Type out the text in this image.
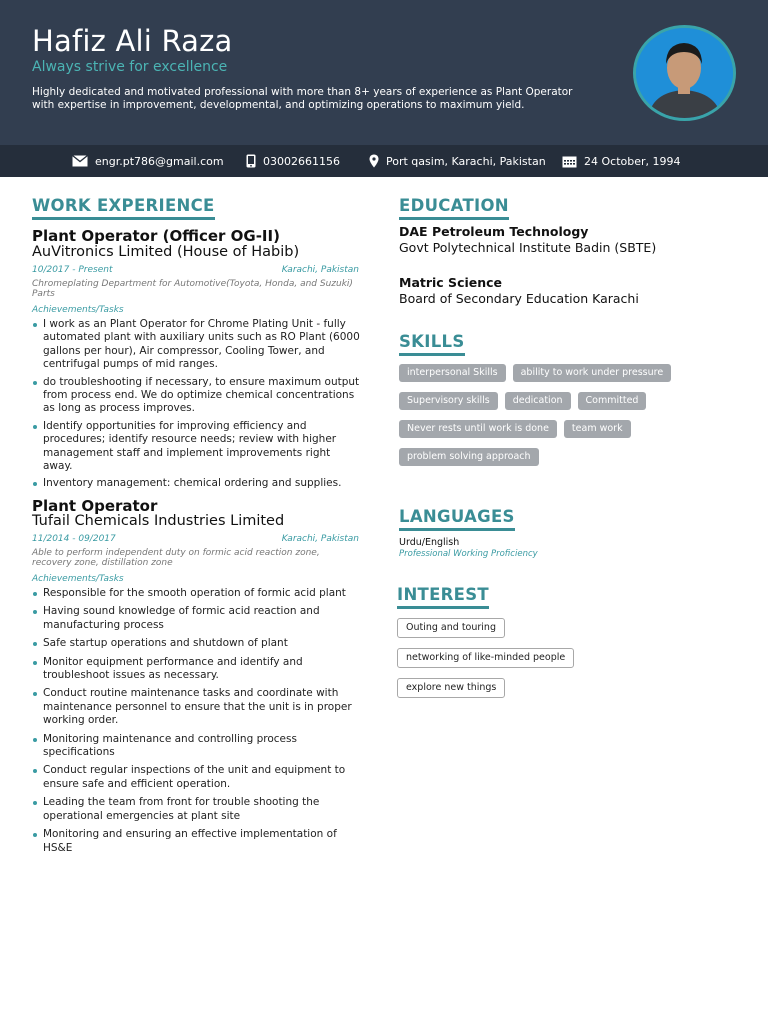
Hafiz Ali Raza
Always strive for excellence
Highly dedicated and motivated professional with more than 8+ years of experience as Plant Operator with expertise in improvement, developmental, and optimizing operations to maximum yield.
engr.pt786@gmail.com	03002661156	Port qasim, Karachi, Pakistan	24 October, 1994
WORK EXPERIENCE
Plant Operator (Officer OG-II)
AuVitronics Limited (House of Habib)
10/2017 - Present	Karachi, Pakistan
Chromeplating Department for Automotive(Toyota, Honda, and Suzuki) Parts
Achievements/Tasks
I work as an Plant Operator for Chrome Plating Unit - fully automated plant with auxiliary units such as RO Plant (6000 gallons per hour), Air compressor, Cooling Tower, and centrifugal pumps of mid ranges.
do troubleshooting if necessary, to ensure maximum output from process end. We do optimize chemical concentrations as long as process improves.
Identify opportunities for improving efficiency and procedures; identify resource needs; review with higher management staff and implement improvements right away.
Inventory management: chemical ordering and supplies.
Plant Operator
Tufail Chemicals Industries Limited
11/2014 - 09/2017	Karachi, Pakistan
Able to perform independent duty on formic acid reaction zone, recovery zone, distillation zone
Achievements/Tasks
Responsible for the smooth operation of formic acid plant
Having sound knowledge of formic acid reaction and manufacturing process
Safe startup operations and shutdown of plant
Monitor equipment performance and identify and troubleshoot issues as necessary.
Conduct routine maintenance tasks and coordinate with maintenance personnel to ensure that the unit is in proper working order.
Monitoring maintenance and controlling process specifications
Conduct regular inspections of the unit and equipment to ensure safe and efficient operation.
Leading the team from front for trouble shooting the operational emergencies at plant site
Monitoring and ensuring an effective implementation of HS&E
EDUCATION
DAE Petroleum Technology
Govt Polytechnical Institute Badin (SBTE)
Matric Science
Board of Secondary Education Karachi
SKILLS
interpersonal Skills	ability to work under pressure
Supervisory skills	dedication	Committed
Never rests until work is done	team work
problem solving approach
LANGUAGES
Urdu/English
Professional Working Proficiency
INTEREST
Outing and touring
networking of like-minded people
explore new things
